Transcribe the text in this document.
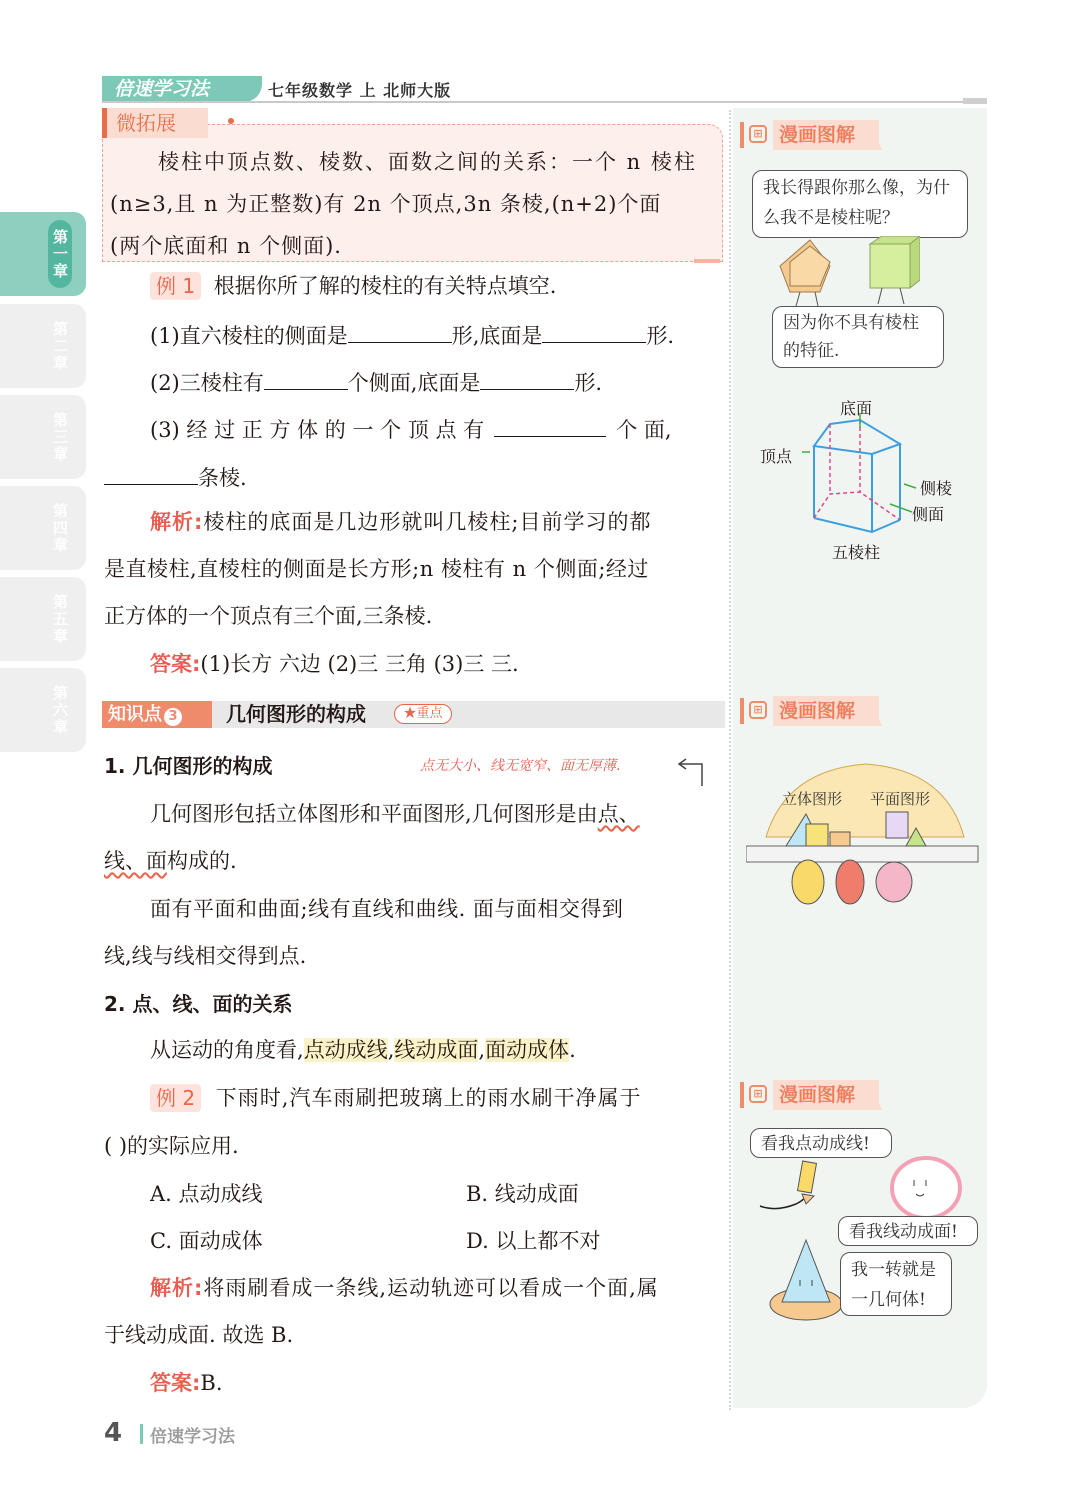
倍速学习法	七年级数学 上 北师大版
第一章
第二章
第三章
第四章
第五章
第六章
微拓展
棱柱中顶点数、棱数、面数之间的关系：一个 n 棱柱
(n≥3,且 n 为正整数)有 2n 个顶点,3n 条棱,(n+2)个面
(两个底面和 n 个侧面).
例 1 根据你所了解的棱柱的有关特点填空.
(1)直六棱柱的侧面是	形,底面是	形.
(2)三棱柱有	个侧面,底面是	形.
(3) 经 过 正 方 体 的 一 个 顶 点 有	个 面,
条棱.
解析:棱柱的底面是几边形就叫几棱柱;目前学习的都
是直棱柱,直棱柱的侧面是长方形;n 棱柱有 n 个侧面;经过
正方体的一个顶点有三个面,三条棱.
答案:(1)长方 六边 (2)三 三角 (3)三 三.
知识点 3	几何图形的构成	★重点
1. 几何图形的构成	点无大小、线无宽窄、面无厚薄.
几何图形包括立体图形和平面图形,几何图形是由点、
线、面构成的.
面有平面和曲面;线有直线和曲线. 面与面相交得到
线,线与线相交得到点.
2. 点、线、面的关系
从运动的角度看,点动成线,线动成面,面动成体.
例 2 下雨时,汽车雨刷把玻璃上的雨水刷干净属于
( )的实际应用.
A. 点动成线	B. 线动成面
C. 面动成体	D. 以上都不对
解析:将雨刷看成一条线,运动轨迹可以看成一个面,属
于线动成面. 故选 B.
答案:B.
⊞ 漫画图解
我长得跟你那么像，为什么我不是棱柱呢？
因为你不具有棱柱的特征.
底面
顶点
侧棱
侧面
五棱柱
⊞ 漫画图解
立体图形 平面图形
⊞ 漫画图解
看我点动成线!
看我线动成面!
我一转就是一几何体!
4 倍速学习法
